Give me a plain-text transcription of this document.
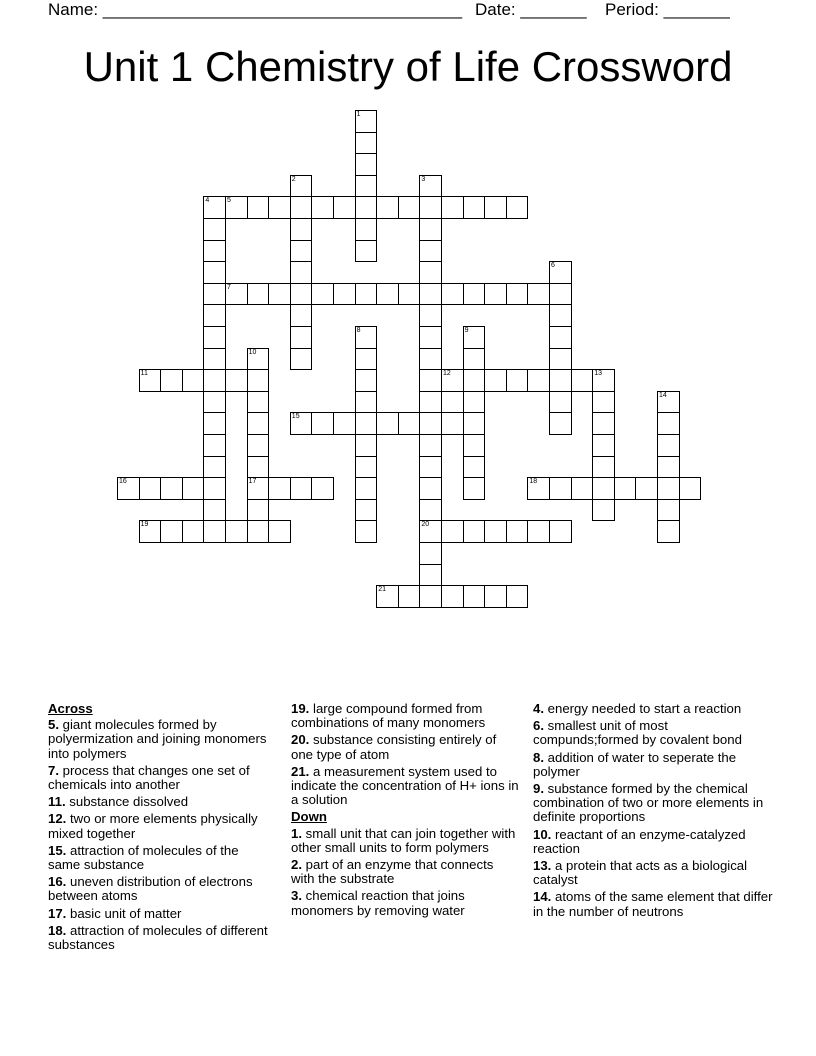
Name: ______________________________________ Date: _______ Period: _______
Unit 1 Chemistry of Life Crossword
5
7
11	12
15
16	17	18
19	20
21
1
2	3
4
6
8	9
10
13
14
Across
5. giant molecules formed by polyermization and joining monomers into polymers
7. process that changes one set of chemicals into another
11. substance dissolved
12. two or more elements physically mixed together
15. attraction of molecules of the same substance
16. uneven distribution of electrons between atoms
17. basic unit of matter
18. attraction of molecules of different substances
19. large compound formed from combinations of many monomers
20. substance consisting entirely of one type of atom
21. a measurement system used to indicate the concentration of H+ ions in a solution
Down
1. small unit that can join together with other small units to form polymers
2. part of an enzyme that connects with the substrate
3. chemical reaction that joins monomers by removing water
4. energy needed to start a reaction
6. smallest unit of most compunds;formed by covalent bond
8. addition of water to seperate the polymer
9. substance formed by the chemical combination of two or more elements in definite proportions
10. reactant of an enzyme-catalyzed reaction
13. a protein that acts as a biological catalyst
14. atoms of the same element that differ in the number of neutrons
